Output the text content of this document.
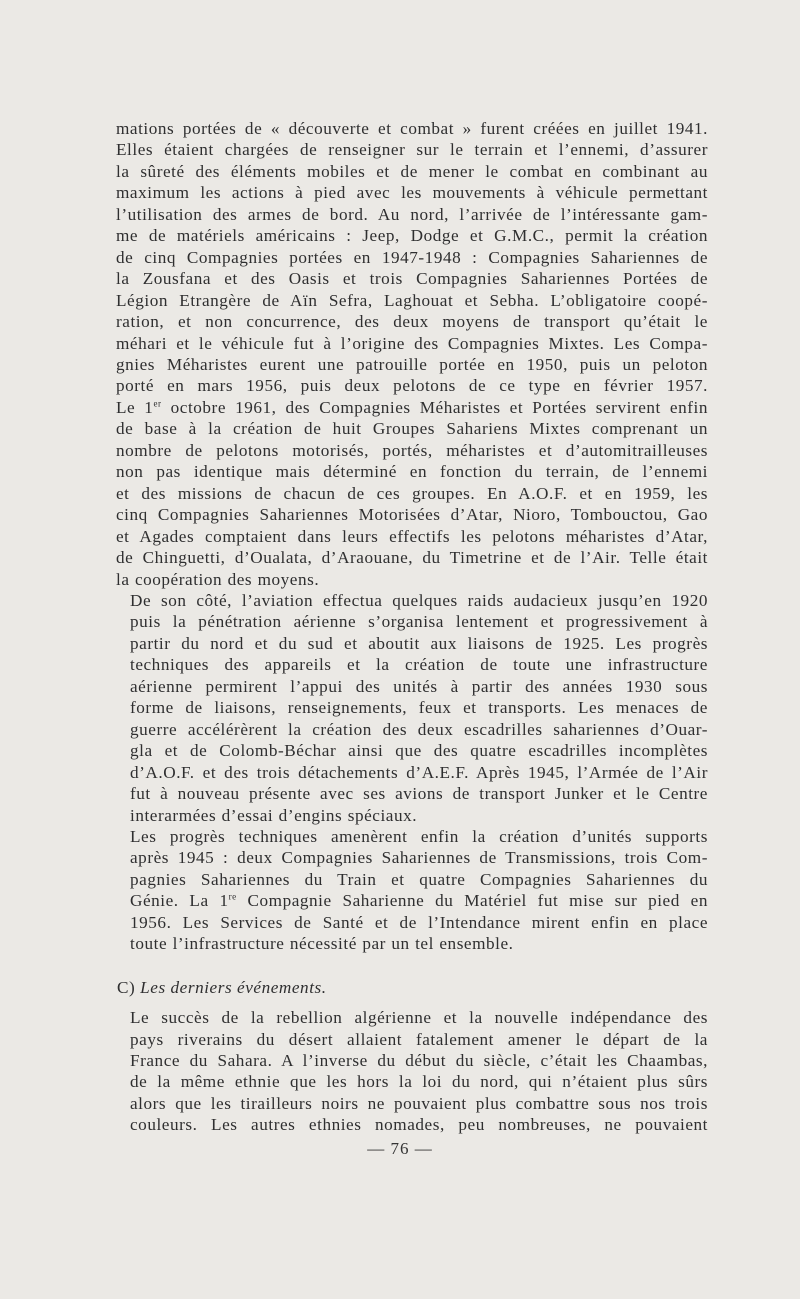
mations portées de « découverte et combat » furent créées en juillet 1941.
Elles étaient chargées de renseigner sur le terrain et l’ennemi, d’assurer
la sûreté des éléments mobiles et de mener le combat en combinant au
maximum les actions à pied avec les mouvements à véhicule permettant
l’utilisation des armes de bord. Au nord, l’arrivée de l’intéressante gam-
me de matériels américains : Jeep, Dodge et G.M.C., permit la création
de cinq Compagnies portées en 1947-1948 : Compagnies Sahariennes de
la Zousfana et des Oasis et trois Compagnies Sahariennes Portées de
Légion Etrangère de Aïn Sefra, Laghouat et Sebha. L’obligatoire coopé-
ration, et non concurrence, des deux moyens de transport qu’était le
méhari et le véhicule fut à l’origine des Compagnies Mixtes. Les Compa-
gnies Méharistes eurent une patrouille portée en 1950, puis un peloton
porté en mars 1956, puis deux pelotons de ce type en février 1957.
Le 1er octobre 1961, des Compagnies Méharistes et Portées servirent enfin
de base à la création de huit Groupes Sahariens Mixtes comprenant un
nombre de pelotons motorisés, portés, méharistes et d’automitrailleuses
non pas identique mais déterminé en fonction du terrain, de l’ennemi
et des missions de chacun de ces groupes. En A.O.F. et en 1959, les
cinq Compagnies Sahariennes Motorisées d’Atar, Nioro, Tombouctou, Gao
et Agades comptaient dans leurs effectifs les pelotons méharistes d’Atar,
de Chinguetti, d’Oualata, d’Araouane, du Timetrine et de l’Air. Telle était
la coopération des moyens.

De son côté, l’aviation effectua quelques raids audacieux jusqu’en 1920
puis la pénétration aérienne s’organisa lentement et progressivement à
partir du nord et du sud et aboutit aux liaisons de 1925. Les progrès
techniques des appareils et la création de toute une infrastructure
aérienne permirent l’appui des unités à partir des années 1930 sous
forme de liaisons, renseignements, feux et transports. Les menaces de
guerre accélérèrent la création des deux escadrilles sahariennes d’Ouar-
gla et de Colomb-Béchar ainsi que des quatre escadrilles incomplètes
d’A.O.F. et des trois détachements d’A.E.F. Après 1945, l’Armée de l’Air
fut à nouveau présente avec ses avions de transport Junker et le Centre
interarmées d’essai d’engins spéciaux.

Les progrès techniques amenèrent enfin la création d’unités supports
après 1945 : deux Compagnies Sahariennes de Transmissions, trois Com-
pagnies Sahariennes du Train et quatre Compagnies Sahariennes du
Génie. La 1re Compagnie Saharienne du Matériel fut mise sur pied en
1956. Les Services de Santé et de l’Intendance mirent enfin en place
toute l’infrastructure nécessité par un tel ensemble.

C) Les derniers événements.

Le succès de la rebellion algérienne et la nouvelle indépendance des
pays riverains du désert allaient fatalement amener le départ de la
France du Sahara. A l’inverse du début du siècle, c’était les Chaambas,
de la même ethnie que les hors la loi du nord, qui n’étaient plus sûrs
alors que les tirailleurs noirs ne pouvaient plus combattre sous nos trois
couleurs. Les autres ethnies nomades, peu nombreuses, ne pouvaient

— 76 —
